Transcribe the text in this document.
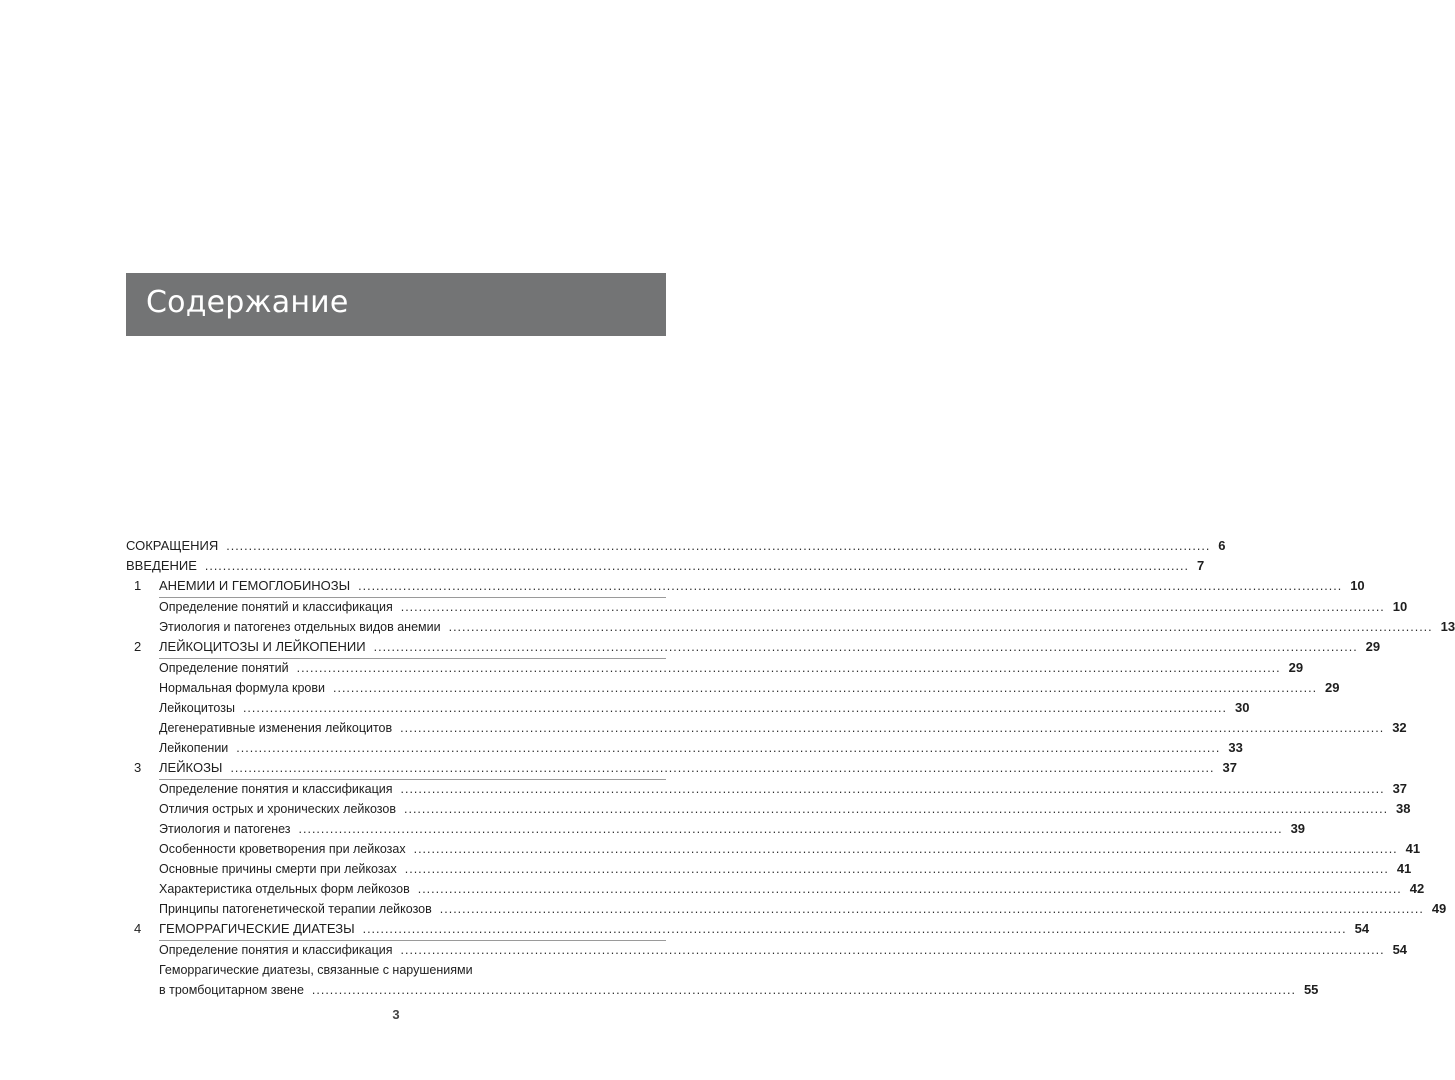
Содержание
СОКРАЩЕНИЯ ............................................................................................................................................................................................................................ 6
ВВЕДЕНИЕ ............................................................................................................................................................................................................................ 7
1 АНЕМИИ И ГЕМОГЛОБИНОЗЫ ............................................................................................................................................................................................................................ 10
Определение понятий и классификация ............................................................................................................................................................................................................................ 10
Этиология и патогенез отдельных видов анемии ............................................................................................................................................................................................................................ 13
2 ЛЕЙКОЦИТОЗЫ И ЛЕЙКОПЕНИИ ............................................................................................................................................................................................................................ 29
Определение понятий ............................................................................................................................................................................................................................ 29
Нормальная формула крови ............................................................................................................................................................................................................................ 29
Лейкоцитозы ............................................................................................................................................................................................................................ 30
Дегенеративные изменения лейкоцитов ............................................................................................................................................................................................................................ 32
Лейкопении ............................................................................................................................................................................................................................ 33
3 ЛЕЙКОЗЫ ............................................................................................................................................................................................................................ 37
Определение понятия и классификация ............................................................................................................................................................................................................................ 37
Отличия острых и хронических лейкозов ............................................................................................................................................................................................................................ 38
Этиология и патогенез ............................................................................................................................................................................................................................ 39
Особенности кроветворения при лейкозах ............................................................................................................................................................................................................................ 41
Основные причины смерти при лейкозах ............................................................................................................................................................................................................................ 41
Характеристика отдельных форм лейкозов ............................................................................................................................................................................................................................ 42
Принципы патогенетической терапии лейкозов ............................................................................................................................................................................................................................ 49
4 ГЕМОРРАГИЧЕСКИЕ ДИАТЕЗЫ ............................................................................................................................................................................................................................ 54
Определение понятия и классификация ............................................................................................................................................................................................................................ 54
Геморрагические диатезы, связанные с нарушениями
в тромбоцитарном звене ............................................................................................................................................................................................................................ 55
3
